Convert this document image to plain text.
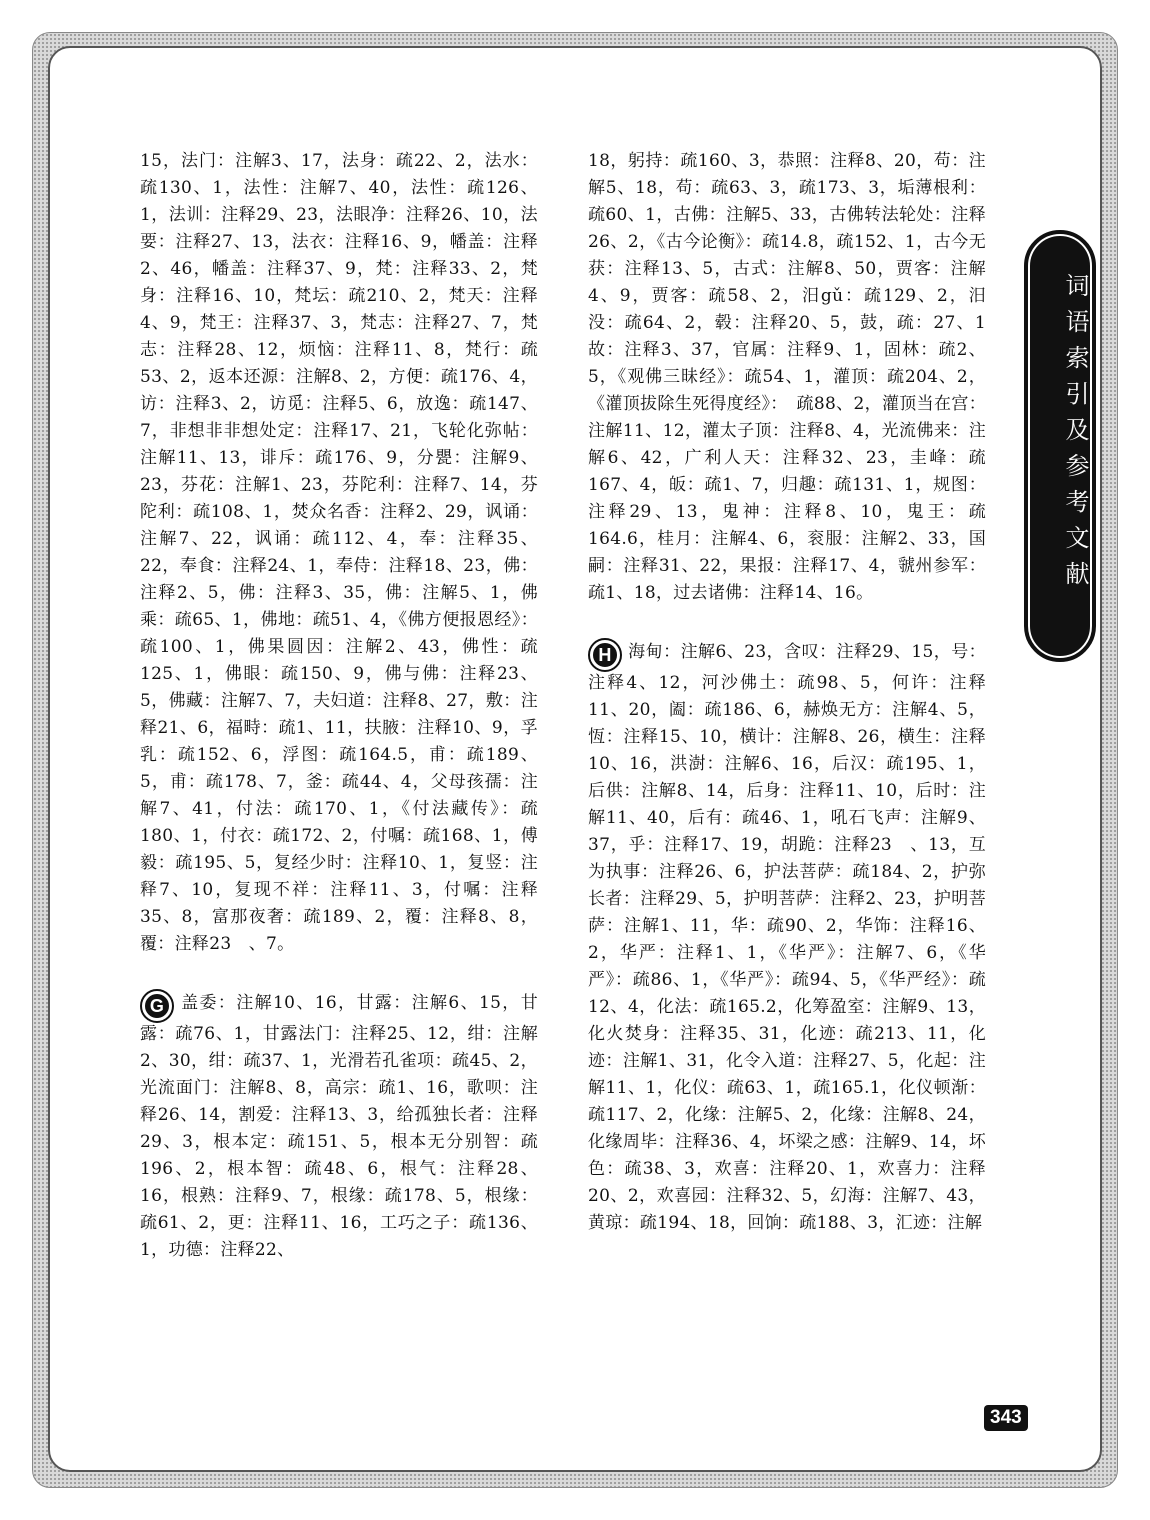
15，法门：注解3、17，法身：疏22、2，法水：疏130、1，法性：注解7、40，法性：疏126、1，法训：注释29、23，法眼净：注释26、10，法要：注释27、13，法衣：注释16、9，幡盖：注释2、46，幡盖：注释37、9，梵：注释33、2，梵身：注释16、10，梵坛：疏210、2，梵天：注释4、9，梵王：注释37、3，梵志：注释27、7，梵志：注释28、12，烦恼：注释11、8，梵行：疏53、2，返本还源：注解8、2，方便：疏176、4，访：注释3、2，访觅：注释5、6，放逸：疏147、7，非想非非想处定：注释17、21，飞轮化弥帖：注解11、13，诽斥：疏176、9，分甖：注解9、23，芬花：注解1、23，芬陀利：注释7、14，芬陀利：疏108、1，焚众名香：注释2、29，讽诵：注解7、22，讽诵：疏112、4，奉：注释35、22，奉食：注释24、1，奉侍：注释18、23，佛：注释2、5，佛：注释3、35，佛：注解5、1，佛乘：疏65、1，佛地：疏51、4，《佛方便报恩经》：疏100、1，佛果圆因：注解2、43，佛性：疏125、1，佛眼：疏150、9，佛与佛：注释23、5，佛藏：注解7、7，夫妇道：注释8、27，敷：注释21、6，福畤：疏1、11，扶腋：注释10、9，孚乳：疏152、6，浮图：疏164.5，甫：疏189、5，甫：疏178、7，釜：疏44、4，父母孩孺：注解7、41，付法：疏170、1，《付法藏传》：疏180、1，付衣：疏172、2，付嘱：疏168、1，傅毅：疏195、5，复经少时：注释10、1，复竖：注释7、10，复现不祥：注释11、3，付嘱：注释35、8，富那夜奢：疏189、2，覆：注释8、8，覆：注释23　、7。

G 盖委：注解10、16，甘露：注解6、15，甘露：疏76、1，甘露法门：注释25、12，绀：注解2、30，绀：疏37、1，光滑若孔雀项：疏45、2，光流面门：注解8、8，高宗：疏1、16，歌呗：注释26、14，割爱：注释13、3，给孤独长者：注释29、3，根本定：疏151、5，根本无分别智：疏196、2，根本智：疏48、6，根气：注释28、16，根熟：注释9、7，根缘：疏178、5，根缘：疏61、2，更：注释11、16，工巧之子：疏136、1，功德：注释22、

18，躬持：疏160、3，恭照：注释8、20，苟：注解5、18，苟：疏63、3，疏173、3，垢薄根利：疏60、1，古佛：注解5、33，古佛转法轮处：注释26、2，《古今论衡》：疏14.8，疏152、1，古今无获：注释13、5，古式：注解8、50，贾客：注解4、9，贾客：疏58、2，汨gǔ：疏129、2，汨没：疏64、2，毂：注释20、5，鼓，疏：27、1故：注释3、37，官属：注释9、1，固林：疏2、5，《观佛三昧经》：疏54、1，灌顶：疏204、2，《灌顶拔除生死得度经》：　疏88、2，灌顶当在宫：注解11、12，灌太子顶：注释8、4，光流佛来：注解6、42，广利人天：注释32、23，圭峰：疏167、4，皈：疏1、7，归趣：疏131、1，规图：注释29、13，鬼神：注释8、10，鬼王：疏164.6，桂月：注解4、6，衮服：注解2、33，国嗣：注释31、22，果报：注释17、4，虢州参军：疏1、18，过去诸佛：注释14、16。

H 海甸：注解6、23，含叹：注释29、15，号：注释4、12，河沙佛土：疏98、5，何许：注释11、20，阖：疏186、6，赫焕无方：注解4、5，恆：注释15、10，横计：注解8、26，横生：注释10、16，洪澍：注解6、16，后汉：疏195、1，后供：注解8、14，后身：注释11、10，后时：注解11、40，后有：疏46、1，吼石飞声：注解9、37，乎：注释17、19，胡跪：注释23　、13，互为执事：注释26、6，护法菩萨：疏184、2，护弥长者：注释29、5，护明菩萨：注释2、23，护明菩萨：注解1、11，华：疏90、2，华饰：注释16、2，华严：注释1、1，《华严》：注解7、6，《华严》：疏86、1，《华严》：疏94、5，《华严经》：疏12、4，化法：疏165.2，化筹盈室：注解9、13，化火焚身：注释35、31，化迹：疏213、11，化迹：注解1、31，化令入道：注释27、5，化起：注解11、1，化仪：疏63、1，疏165.1，化仪顿渐：疏117、2，化缘：注解5、2，化缘：注解8、24，化缘周毕：注释36、4，坏梁之感：注解9、14，坏色：疏38、3，欢喜：注释20、1，欢喜力：注释20、2，欢喜园：注释32、5，幻海：注解7、43，黄琼：疏194、18，回饷：疏188、3，汇迹：注解

词语索引及参考文献
343
